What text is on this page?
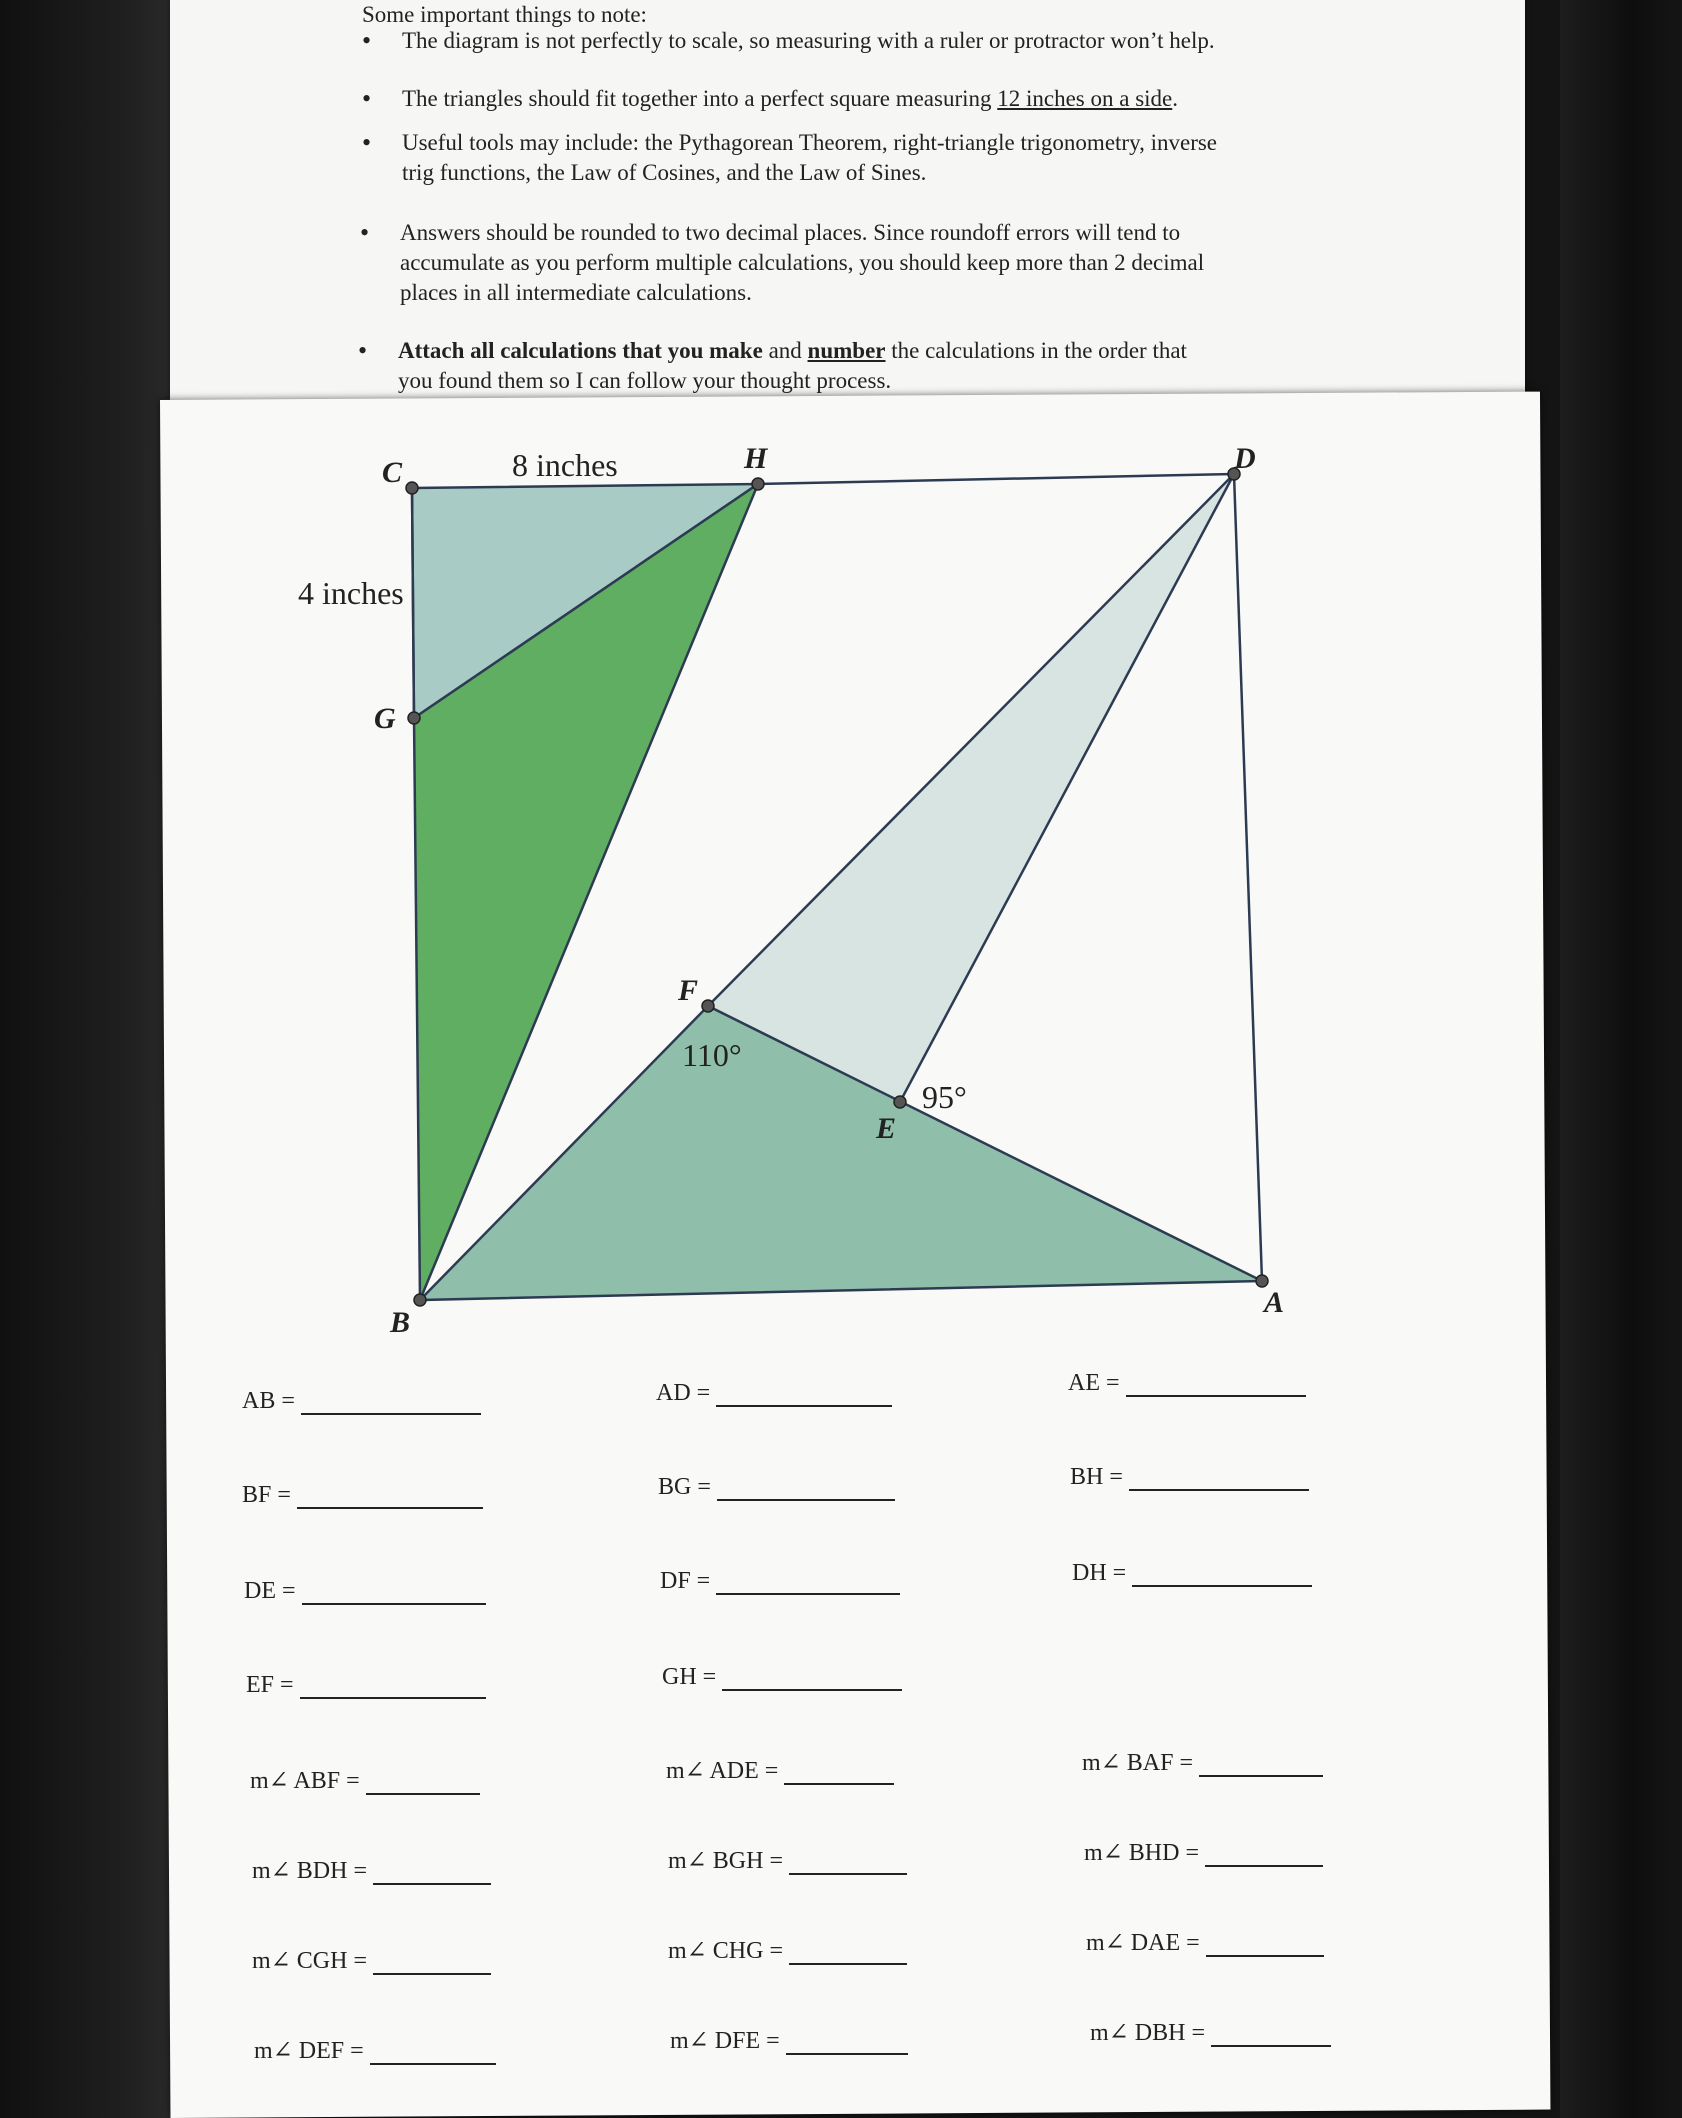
Some important things to note:
• The diagram is not perfectly to scale, so measuring with a ruler or protractor won’t help.
• The triangles should fit together into a perfect square measuring 12 inches on a side.
• Useful tools may include: the Pythagorean Theorem, right-triangle trigonometry, inverse
trig functions, the Law of Cosines, and the Law of Sines.
• Answers should be rounded to two decimal places. Since roundoff errors will tend to
accumulate as you perform multiple calculations, you should keep more than 2 decimal
places in all intermediate calculations.
• Attach all calculations that you make and number the calculations in the order that
you found them so I can follow your thought process.
8 inches
4 inches
110°
95°
C	H	D
G
F
E
B
A
AB =	AD =	AE =
BF =	BG =	BH =
DE =	DF =	DH =
EF =	GH =
m∠ ABF =	m∠ ADE =	m∠ BAF =
m∠ BDH =	m∠ BGH =	m∠ BHD =
m∠ CGH =	m∠ CHG =	m∠ DAE =
m∠ DEF =	m∠ DFE =	m∠ DBH =
